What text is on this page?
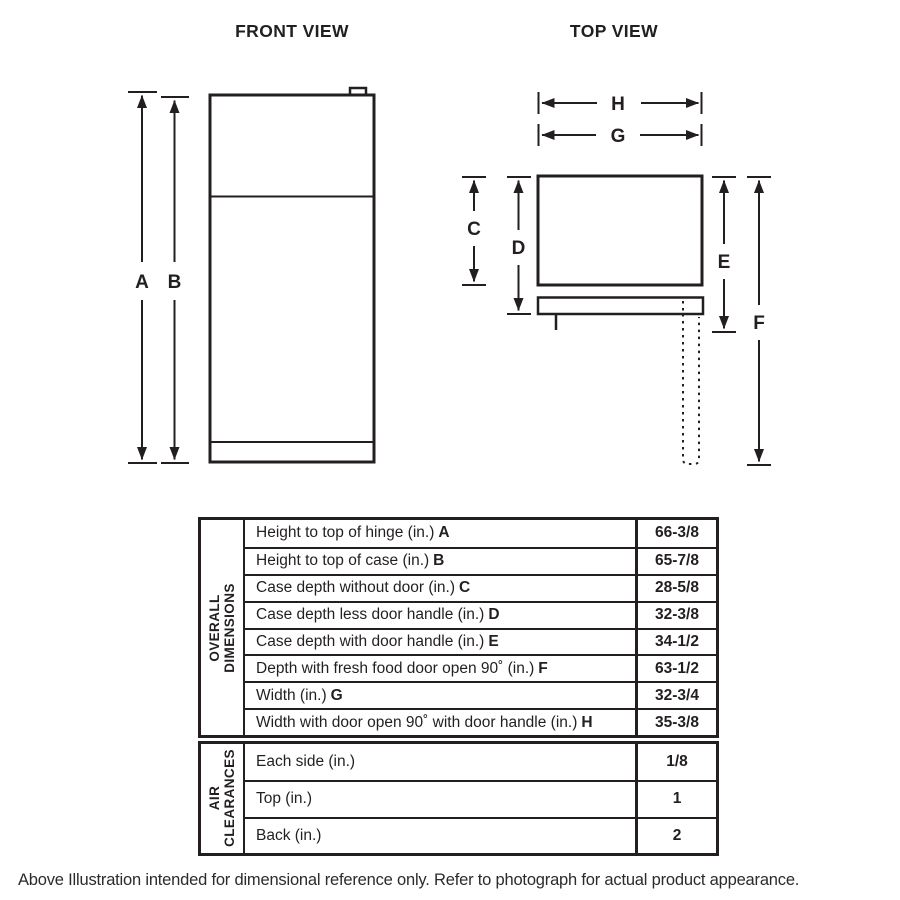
FRONT VIEW	TOP VIEW
A B
H
G
C
D
E
F
OVERALL DIMENSIONS
Height to top of hinge (in.) A	66-3/8
Height to top of case (in.) B	65-7/8
Case depth without door (in.) C	28-5/8
Case depth less door handle (in.) D	32-3/8
Case depth with door handle (in.) E	34-1/2
Depth with fresh food door open 90˚ (in.) F	63-1/2
Width (in.) G	32-3/4
Width with door open 90˚ with door handle (in.) H	35-3/8
AIR CLEARANCES Each side (in.)	1/8
Top (in.)	1
Back (in.)	2
Above Illustration intended for dimensional reference only. Refer to photograph for actual product appearance.
